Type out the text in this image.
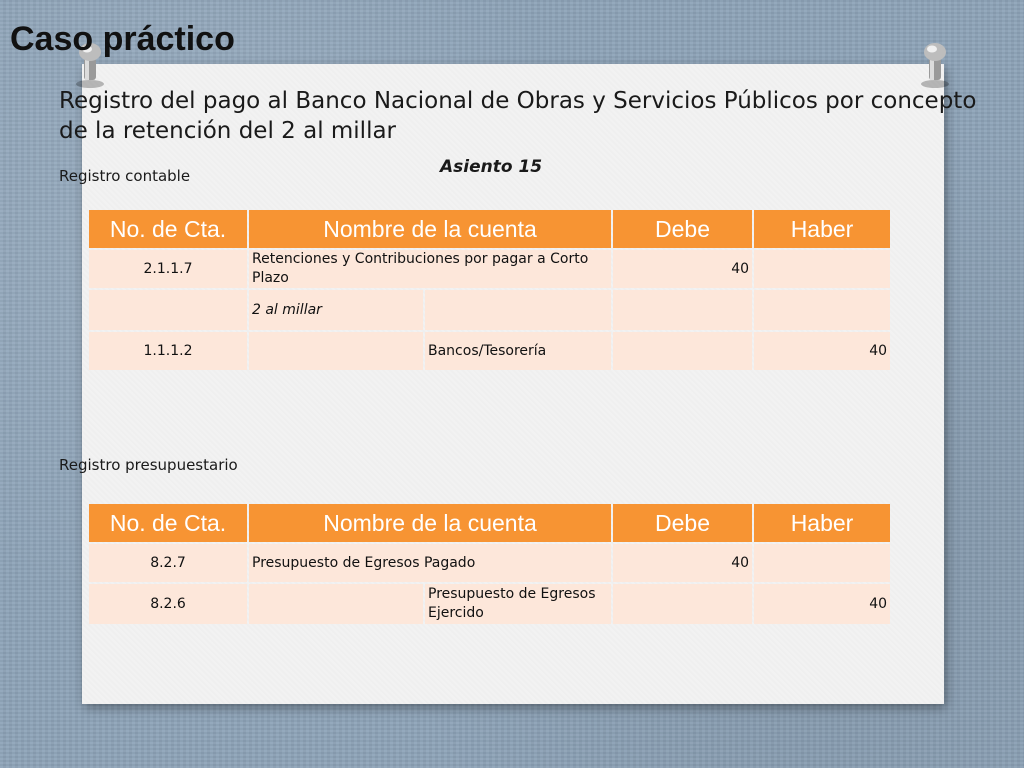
Caso práctico
Registro del pago al Banco Nacional de Obras y Servicios Públicos por concepto de la retención del 2 al millar
Registro contable	Asiento 15
No. de Cta.	Nombre de la cuenta		Debe	Haber
2.1.1.7	Retenciones y Contribuciones por pagar a Corto Plazo		40	
	2 al millar			
1.1.1.2		Bancos/Tesorería		40
Registro presupuestario
No. de Cta.	Nombre de la cuenta		Debe	Haber
8.2.7	Presupuesto de Egresos Pagado		40	
8.2.6		Presupuesto de Egresos Ejercido		40
